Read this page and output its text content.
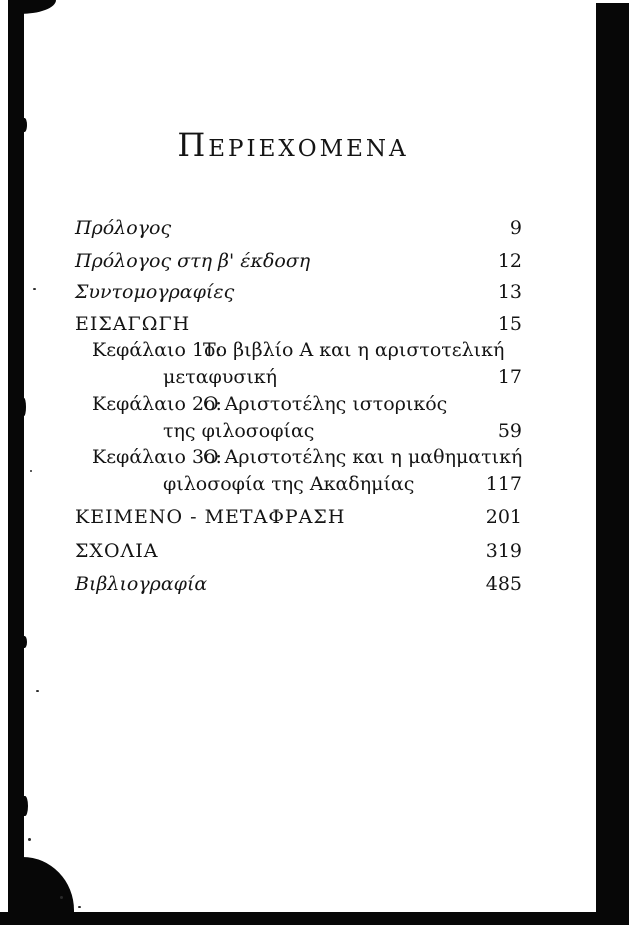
ΠΕΡΙΕΧΟΜΕΝΑ
Πρόλογος	9
Πρόλογος στη β' έκδοση	12
Συντομογραφίες	13
ΕΙΣΑΓΩΓΗ	15
Κεφάλαιο 1ο:
Το βιβλίο Α και η αριστοτελική
μεταφυσική	17
Κεφάλαιο 2ο:
Ο Αριστοτέλης ιστορικός
της φιλοσοφίας	59
Κεφάλαιο 3ο:
Ο Αριστοτέλης και η μαθηματική
φιλοσοφία της Ακαδημίας	117
ΚΕΙΜΕΝΟ - ΜΕΤΑΦΡΑΣΗ	201
ΣΧΟΛΙΑ	319
Βιβλιογραφία	485
